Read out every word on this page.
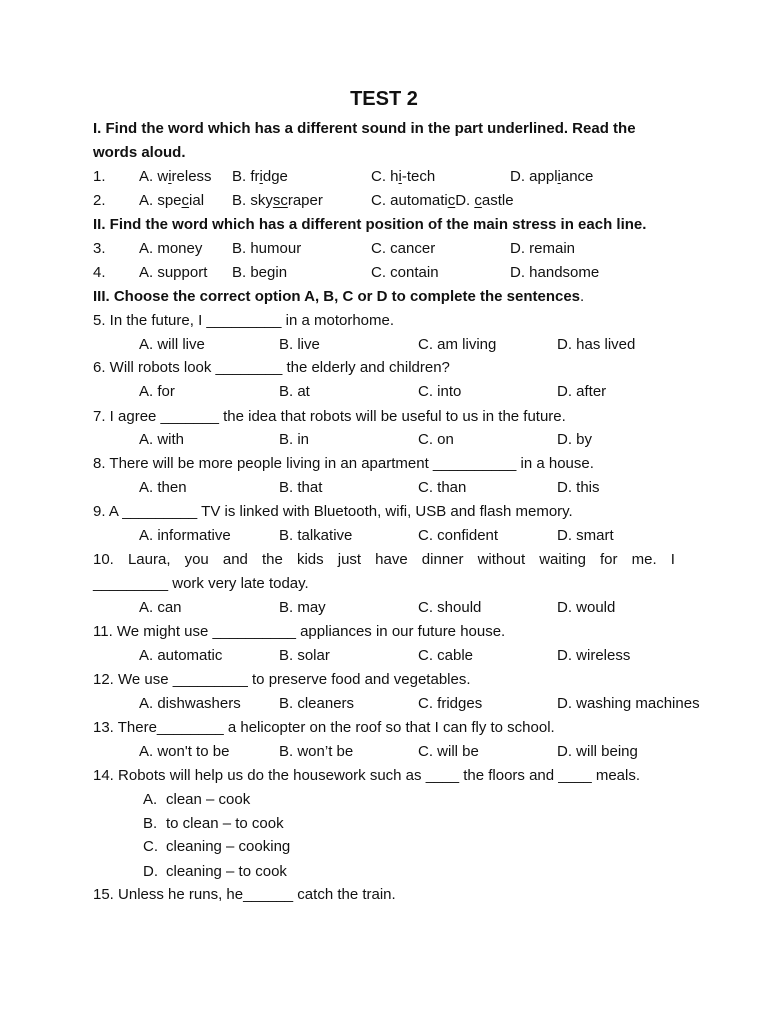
TEST 2
I. Find the word which has a different sound in the part underlined. Read the
words aloud.
1. A. wireless B. fridge	C. hi-tech	D. appliance
2. A. special B. skyscraper	C. automaticD. castle
II. Find the word which has a different position of the main stress in each line.
3. A. money B. humour	C. cancer	D. remain
4. A. support B. begin	C. contain	D. handsome
III. Choose the correct option A, B, C or D to complete the sentences.
5. In the future, I _________ in a motorhome.
A. will live	B. live	C. am living	D. has lived
6. Will robots look ________ the elderly and children?
A. for	B. at	C. into	D. after
7. I agree _______ the idea that robots will be useful to us in the future.
A. with	B. in	C. on	D. by
8. There will be more people living in an apartment __________ in a house.
A. then	B. that	C. than	D. this
9. A _________ TV is linked with Bluetooth, wifi, USB and flash memory.
A. informative	B. talkative	C. confident	D. smart
10. Laura, you and the kids just have dinner without waiting for me. I
_________ work very late today.
A. can	B. may	C. should	D. would
11. We might use __________ appliances in our future house.
A. automatic	B. solar	C. cable	D. wireless
12. We use _________ to preserve food and vegetables.
A. dishwashers	B. cleaners	C. fridges	D. washing machines
13. There________ a helicopter on the roof so that I can fly to school.
A. won't to be	B. won’t be	C. will be	D. will being
14. Robots will help us do the housework such as ____ the floors and ____ meals.
A. clean – cook
B. to clean – to cook
C. cleaning – cooking
D. cleaning – to cook
15. Unless he runs, he______ catch the train.
